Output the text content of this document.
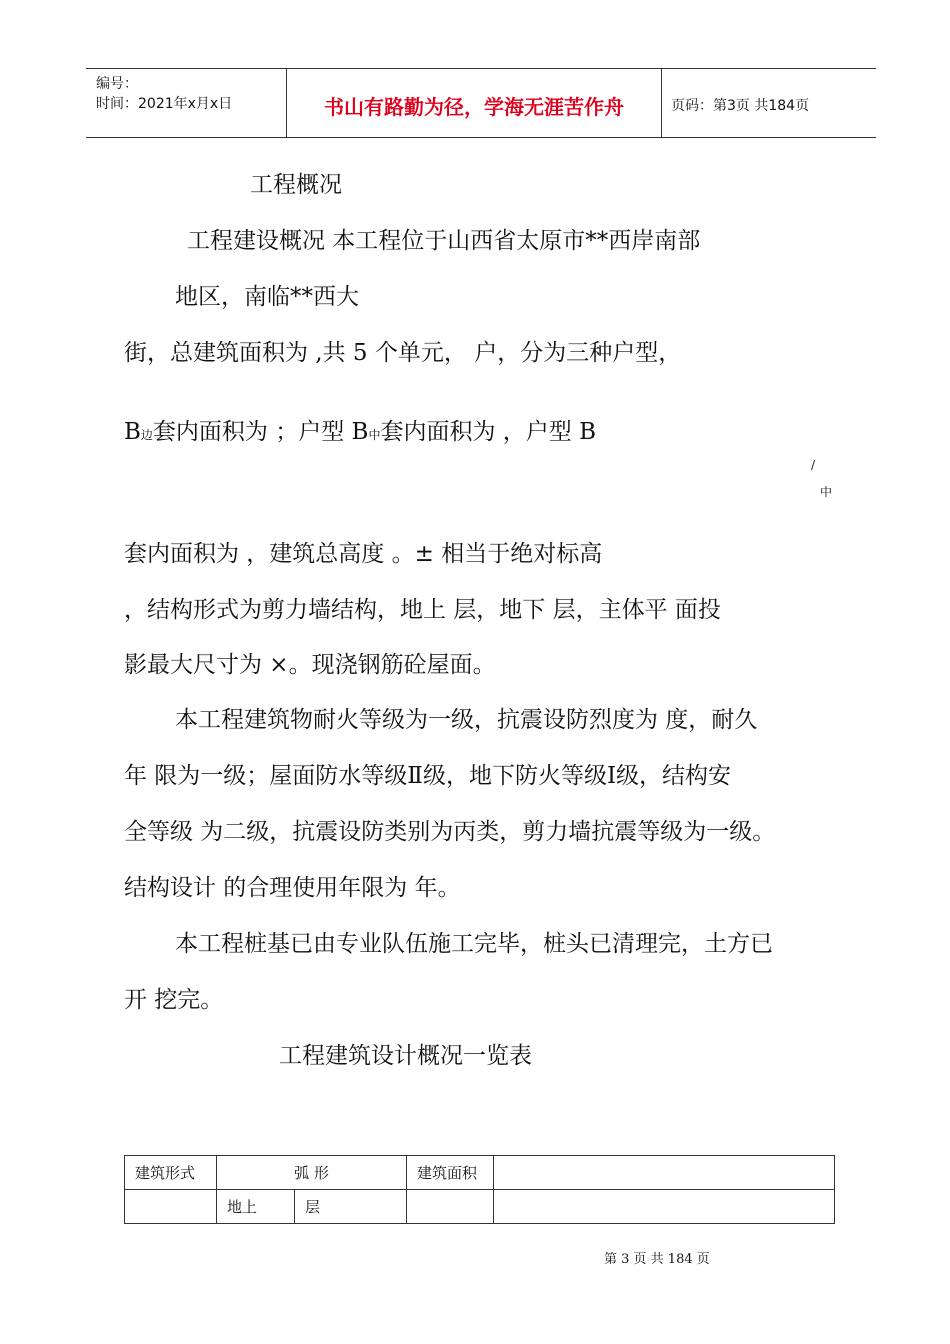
编号：
时间：2021年x月x日	书山有路勤为径，学海无涯苦作舟	页码：第3页 共184页
工程概况
工程建设概况 本工程位于山西省太原市**西岸南部
地区，南临**西大
街，总建筑面积为 ,共 5 个单元， 户，分为三种户型，
B边套内面积为 ；户型 B中套内面积为 ，户型 B
/
中
套内面积为 ，建筑总高度 。± 相当于绝对标高
，结构形式为剪力墙结构，地上 层，地下 层，主体平 面投
影最大尺寸为 ×。现浇钢筋砼屋面。
本工程建筑物耐火等级为一级，抗震设防烈度为 度，耐久
年 限为一级；屋面防水等级Ⅱ级，地下防火等级Ⅰ级，结构安
全等级 为二级，抗震设防类别为丙类，剪力墙抗震等级为一级。
结构设计 的合理使用年限为 年。
本工程桩基已由专业队伍施工完毕，桩头已清理完，土方已
开 挖完。
工程建筑设计概况一览表
建筑形式	弧 形		建筑面积	
	地上	层		
第 3 页 共 184 页
